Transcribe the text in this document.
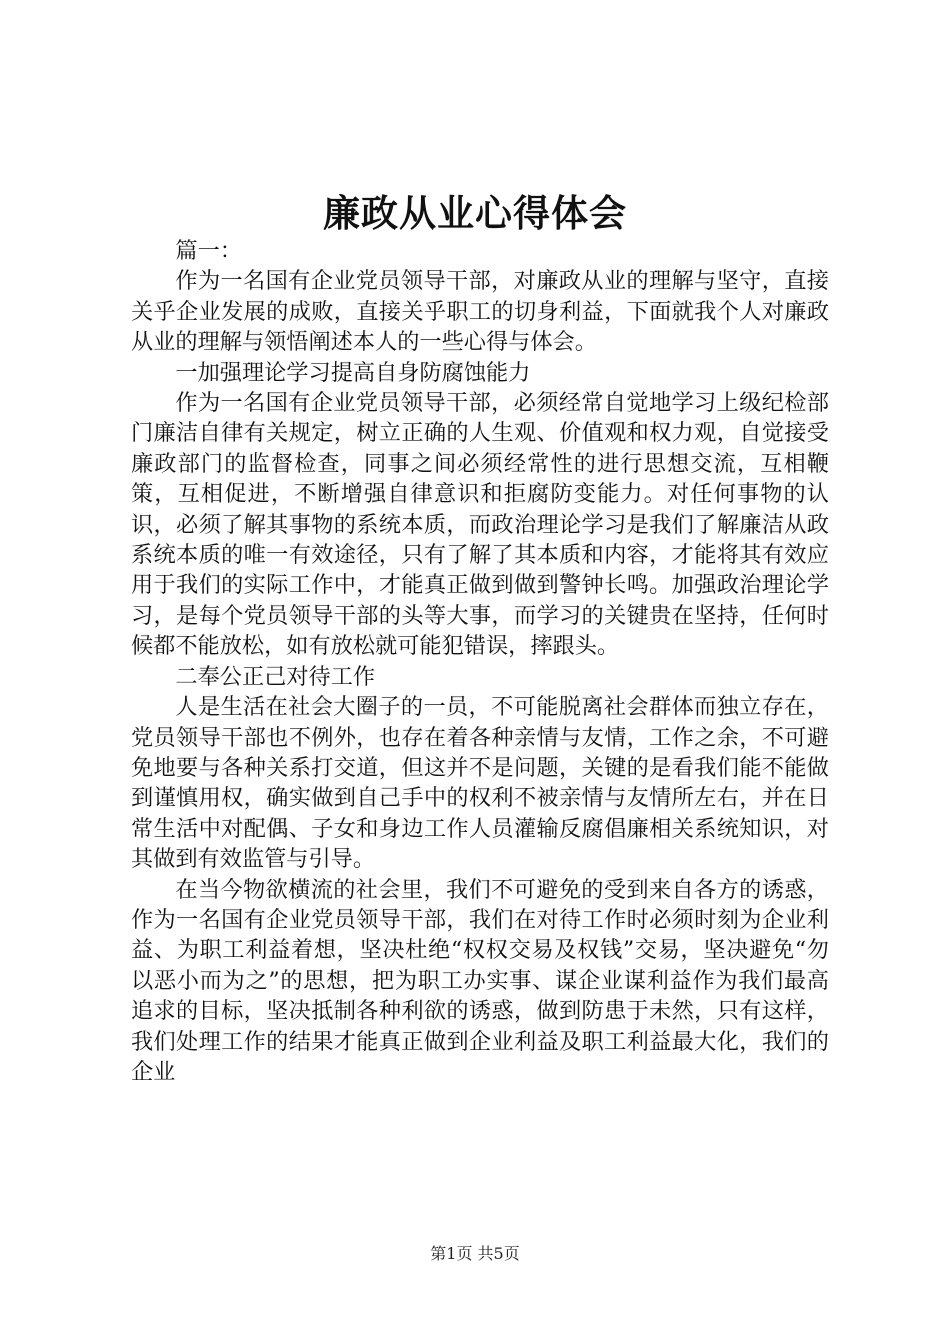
廉政从业心得体会

篇一：

作为一名国有企业党员领导干部，对廉政从业的理解与坚守，直接关乎企业发展的成败，直接关乎职工的切身利益，下面就我个人对廉政从业的理解与领悟阐述本人的一些心得与体会。

一加强理论学习提高自身防腐蚀能力

作为一名国有企业党员领导干部，必须经常自觉地学习上级纪检部门廉洁自律有关规定，树立正确的人生观、价值观和权力观，自觉接受廉政部门的监督检查，同事之间必须经常性的进行思想交流，互相鞭策，互相促进，不断增强自律意识和拒腐防变能力。对任何事物的认识，必须了解其事物的系统本质，而政治理论学习是我们了解廉洁从政系统本质的唯一有效途径，只有了解了其本质和内容，才能将其有效应用于我们的实际工作中，才能真正做到做到警钟长鸣。加强政治理论学习，是每个党员领导干部的头等大事，而学习的关键贵在坚持，任何时候都不能放松，如有放松就可能犯错误，摔跟头。

二奉公正己对待工作

人是生活在社会大圈子的一员，不可能脱离社会群体而独立存在，党员领导干部也不例外，也存在着各种亲情与友情，工作之余，不可避免地要与各种关系打交道，但这并不是问题，关键的是看我们能不能做到谨慎用权，确实做到自己手中的权利不被亲情与友情所左右，并在日常生活中对配偶、子女和身边工作人员灌输反腐倡廉相关系统知识，对其做到有效监管与引导。

在当今物欲横流的社会里，我们不可避免的受到来自各方的诱惑，作为一名国有企业党员领导干部，我们在对待工作时必须时刻为企业利益、为职工利益着想，坚决杜绝“权权交易及权钱”交易，坚决避免“勿以恶小而为之”的思想，把为职工办实事、谋企业谋利益作为我们最高追求的目标，坚决抵制各种利欲的诱惑，做到防患于未然，只有这样，我们处理工作的结果才能真正做到企业利益及职工利益最大化，我们的企业

第1页 共5页
